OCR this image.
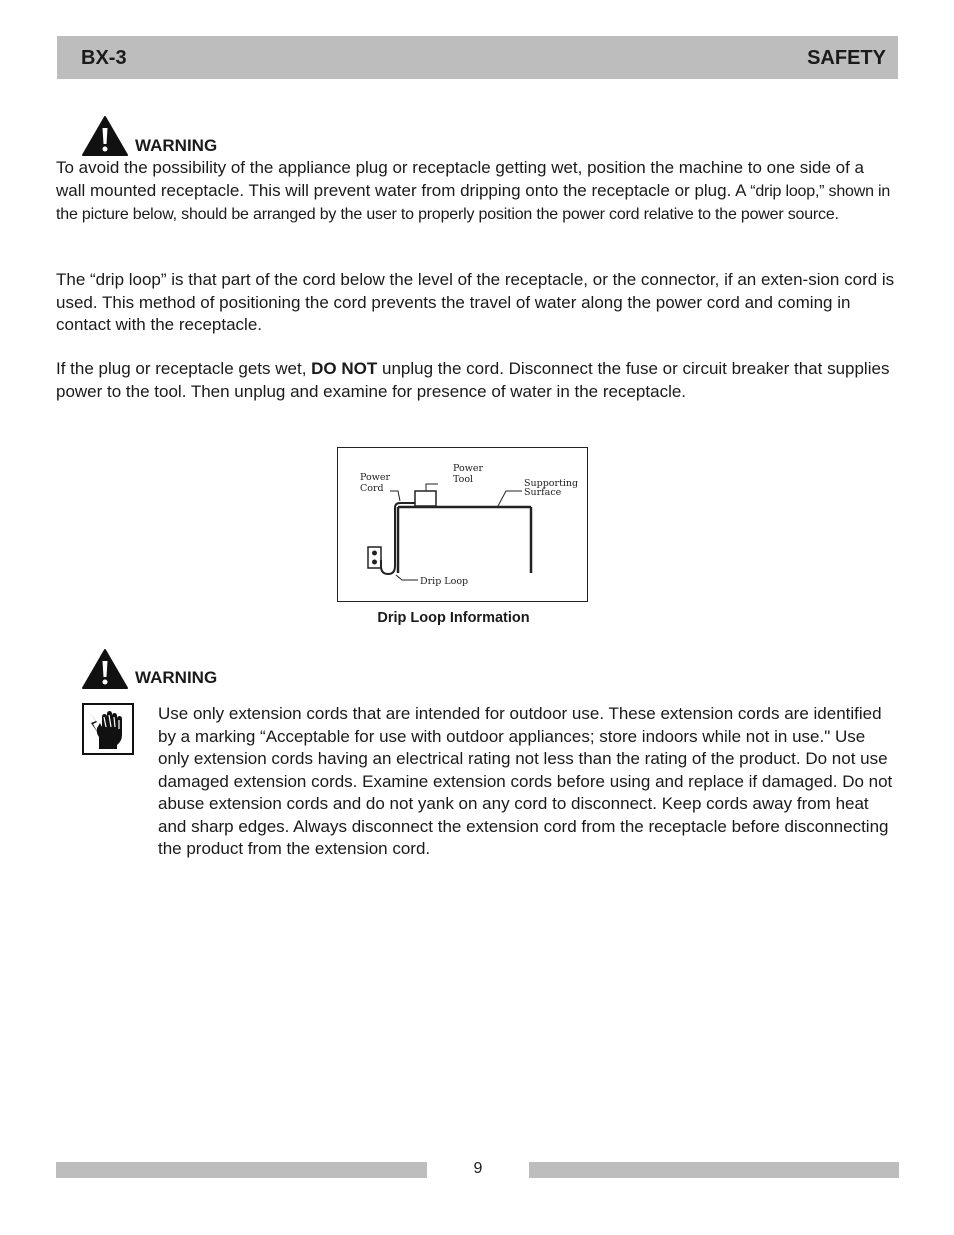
BX-3	SAFETY
WARNING

To avoid the possibility of the appliance plug or receptacle getting wet, position the machine to one side of a wall mounted receptacle. This will prevent water from dripping onto the receptacle or plug. A “drip loop,” shown in the picture below, should be arranged by the user to properly position the power cord relative to the power source.

The “drip loop” is that part of the cord below the level of the receptacle, or the connector, if an exten-sion cord is used. This method of positioning the cord prevents the travel of water along the power cord and coming in contact with the receptacle.

If the plug or receptacle gets wet, DO NOT unplug the cord. Disconnect the fuse or circuit breaker that supplies power to the tool. Then unplug and examine for presence of water in the receptacle.

Power
Cord
Power
Tool	Supporting
Surface
Drip Loop
Drip Loop Information
WARNING

Use only extension cords that are intended for outdoor use. These extension cords are identified by a marking “Acceptable for use with outdoor appliances; store indoors while not in use." Use only extension cords having an electrical rating not less than the rating of the product. Do not use damaged extension cords. Examine extension cords before using and replace if damaged. Do not abuse extension cords and do not yank on any cord to disconnect. Keep cords away from heat and sharp edges. Always disconnect the extension cord from the receptacle before disconnecting the product from the extension cord.

9
